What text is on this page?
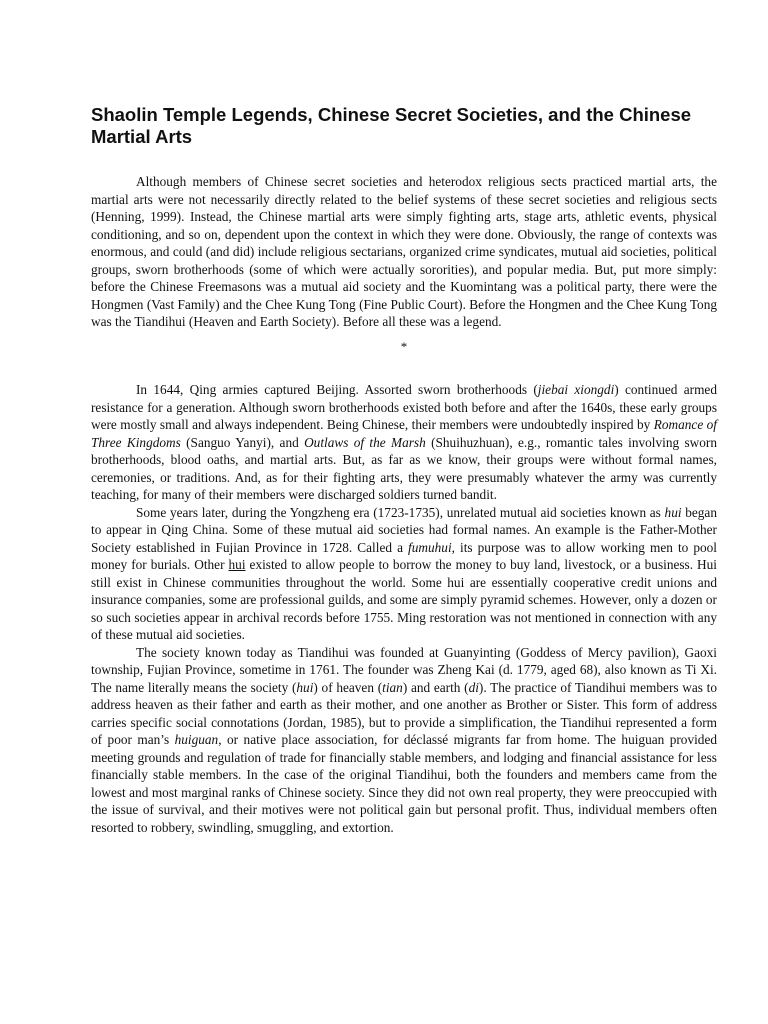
Shaolin Temple Legends, Chinese Secret Societies, and the Chinese Martial Arts

Although members of Chinese secret societies and heterodox religious sects practiced martial arts, the martial arts were not necessarily directly related to the belief systems of these secret societies and religious sects (Henning, 1999). Instead, the Chinese martial arts were simply fighting arts, stage arts, athletic events, physical conditioning, and so on, dependent upon the context in which they were done. Obviously, the range of contexts was enormous, and could (and did) include religious sectarians, organized crime syndicates, mutual aid societies, political groups, sworn brotherhoods (some of which were actually sororities), and popular media. But, put more simply: before the Chinese Freemasons was a mutual aid society and the Kuomintang was a political party, there were the Hongmen (Vast Family) and the Chee Kung Tong (Fine Public Court). Before the Hongmen and the Chee Kung Tong was the Tiandihui (Heaven and Earth Society). Before all these was a legend.

*

In 1644, Qing armies captured Beijing. Assorted sworn brotherhoods (jiebai xiongdi) continued armed resistance for a generation. Although sworn brotherhoods existed both before and after the 1640s, these early groups were mostly small and always independent. Being Chinese, their members were undoubtedly inspired by Romance of Three Kingdoms (Sanguo Yanyi), and Outlaws of the Marsh (Shuihuzhuan), e.g., romantic tales involving sworn brotherhoods, blood oaths, and martial arts. But, as far as we know, their groups were without formal names, ceremonies, or traditions. And, as for their fighting arts, they were presumably whatever the army was currently teaching, for many of their members were discharged soldiers turned bandit.

Some years later, during the Yongzheng era (1723-1735), unrelated mutual aid societies known as hui began to appear in Qing China. Some of these mutual aid societies had formal names. An example is the Father-Mother Society established in Fujian Province in 1728. Called a fumuhui, its purpose was to allow working men to pool money for burials. Other hui existed to allow people to borrow the money to buy land, livestock, or a business. Hui still exist in Chinese communities throughout the world. Some hui are essentially cooperative credit unions and insurance companies, some are professional guilds, and some are simply pyramid schemes. However, only a dozen or so such societies appear in archival records before 1755. Ming restoration was not mentioned in connection with any of these mutual aid societies.

The society known today as Tiandihui was founded at Guanyinting (Goddess of Mercy pavilion), Gaoxi township, Fujian Province, sometime in 1761. The founder was Zheng Kai (d. 1779, aged 68), also known as Ti Xi. The name literally means the society (hui) of heaven (tian) and earth (di). The practice of Tiandihui members was to address heaven as their father and earth as their mother, and one another as Brother or Sister. This form of address carries specific social connotations (Jordan, 1985), but to provide a simplification, the Tiandihui represented a form of poor man’s huiguan, or native place association, for déclassé migrants far from home. The huiguan provided meeting grounds and regulation of trade for financially stable members, and lodging and financial assistance for less financially stable members. In the case of the original Tiandihui, both the founders and members came from the lowest and most marginal ranks of Chinese society. Since they did not own real property, they were preoccupied with the issue of survival, and their motives were not political gain but personal profit. Thus, individual members often resorted to robbery, swindling, smuggling, and extortion.
